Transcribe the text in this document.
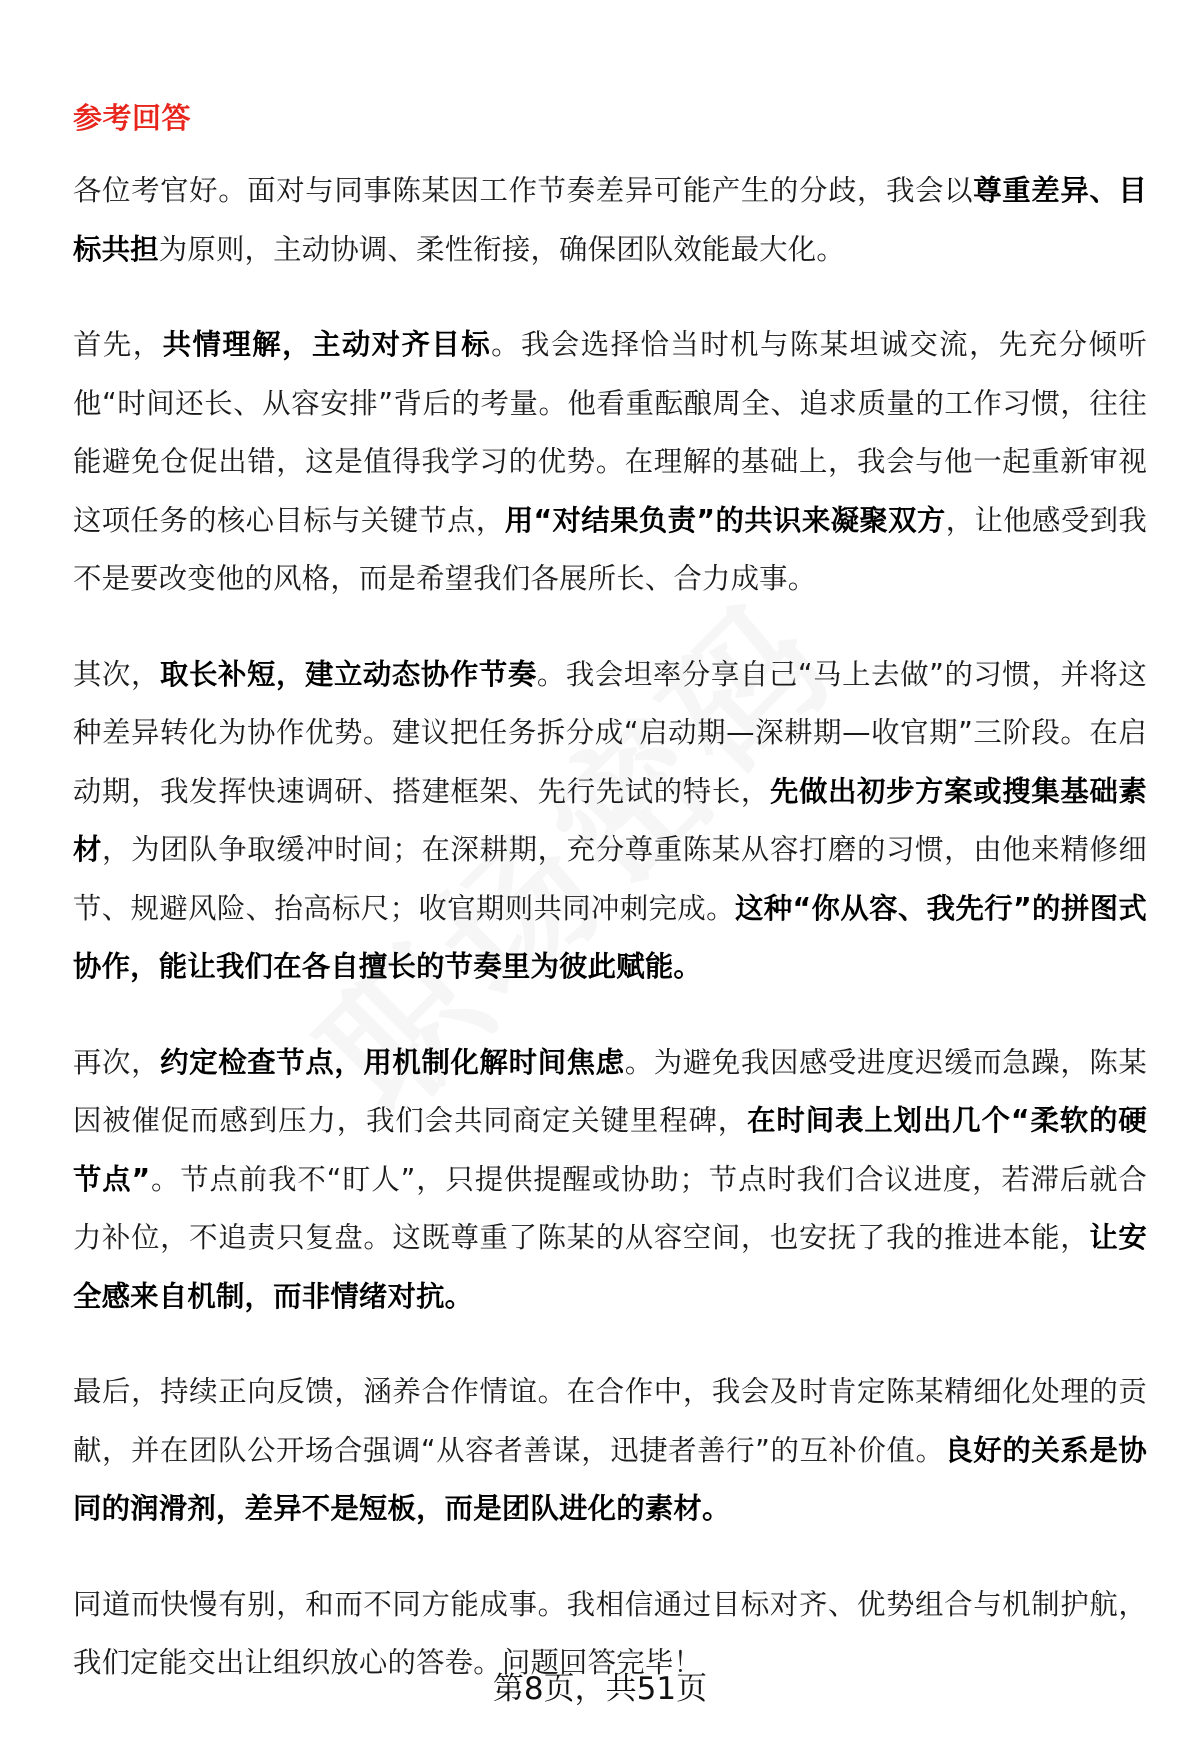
参考回答

各位考官好。面对与同事陈某因工作节奏差异可能产生的分歧，我会以尊重差异、目标共担为原则，主动协调、柔性衔接，确保团队效能最大化。

首先，共情理解，主动对齐目标。我会选择恰当时机与陈某坦诚交流，先充分倾听他“时间还长、从容安排”背后的考量。他看重酝酿周全、追求质量的工作习惯，往往能避免仓促出错，这是值得我学习的优势。在理解的基础上，我会与他一起重新审视这项任务的核心目标与关键节点，用“对结果负责”的共识来凝聚双方，让他感受到我不是要改变他的风格，而是希望我们各展所长、合力成事。

其次，取长补短，建立动态协作节奏。我会坦率分享自己“马上去做”的习惯，并将这种差异转化为协作优势。建议把任务拆分成“启动期—深耕期—收官期”三阶段。在启动期，我发挥快速调研、搭建框架、先行先试的特长，先做出初步方案或搜集基础素材，为团队争取缓冲时间；在深耕期，充分尊重陈某从容打磨的习惯，由他来精修细节、规避风险、抬高标尺；收官期则共同冲刺完成。这种“你从容、我先行”的拼图式协作，能让我们在各自擅长的节奏里为彼此赋能。

再次，约定检查节点，用机制化解时间焦虑。为避免我因感受进度迟缓而急躁，陈某因被催促而感到压力，我们会共同商定关键里程碑，在时间表上划出几个“柔软的硬节点”。节点前我不“盯人”，只提供提醒或协助；节点时我们合议进度，若滞后就合力补位，不追责只复盘。这既尊重了陈某的从容空间，也安抚了我的推进本能，让安全感来自机制，而非情绪对抗。

最后，持续正向反馈，涵养合作情谊。在合作中，我会及时肯定陈某精细化处理的贡献，并在团队公开场合强调“从容者善谋，迅捷者善行”的互补价值。良好的关系是协同的润滑剂，差异不是短板，而是团队进化的素材。

同道而快慢有别，和而不同方能成事。我相信通过目标对齐、优势组合与机制护航，我们定能交出让组织放心的答卷。问题回答完毕！

第8页，共51页
